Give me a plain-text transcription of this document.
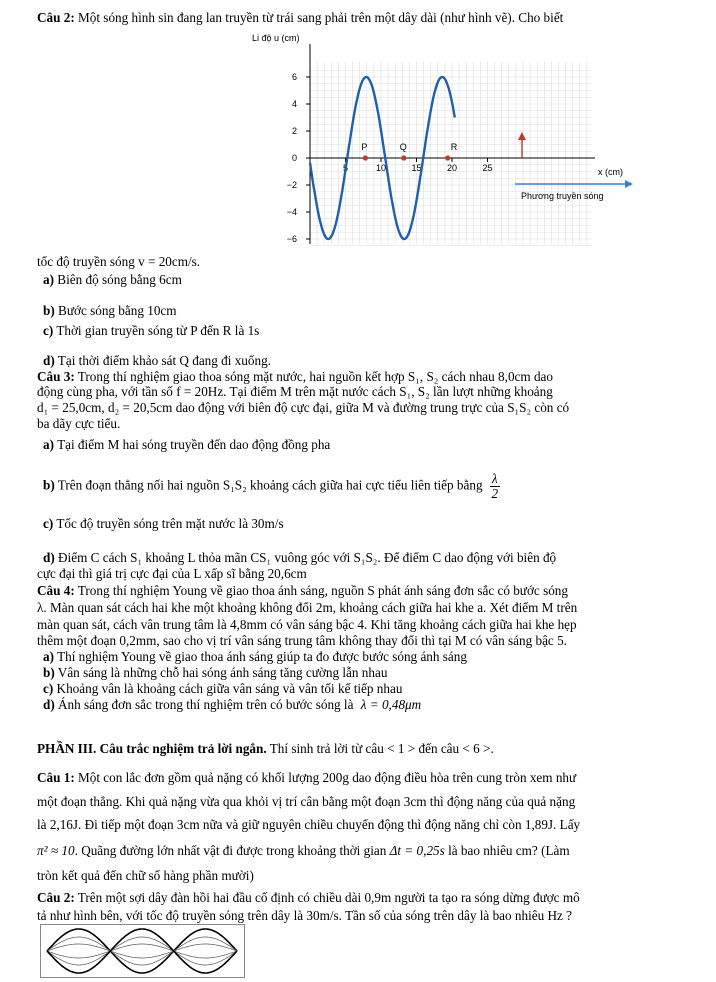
Câu 2: Một sóng hình sin đang lan truyền từ trái sang phải trên một dây dài (như hình vẽ). Cho biết
6
4
2
0
−2
−4
−6
5	10	15	20	25
Li độ u (cm)
x (cm)
P	Q	R
Phương truyền sóng
tốc độ truyền sóng v = 20cm/s.
a) Biên độ sóng bằng 6cm
b) Bước sóng bằng 10cm
c) Thời gian truyền sóng từ P đến R là 1s
d) Tại thời điểm khảo sát Q đang đi xuống.
Câu 3: Trong thí nghiệm giao thoa sóng mặt nước, hai nguồn kết hợp S₁, S₂ cách nhau 8,0cm dao
động cùng pha, với tần số f = 20Hz. Tại điểm M trên mặt nước cách S₁, S₂ lần lượt những khoảng
d₁ = 25,0cm, d₂ = 20,5cm dao động với biên độ cực đại, giữa M và đường trung trực của S₁S₂ còn có
ba dãy cực tiểu.
a) Tại điểm M hai sóng truyền đến dao động đồng pha
b) Trên đoạn thẳng nối hai nguồn S₁S₂ khoảng cách giữa hai cực tiểu liên tiếp bằng $\frac{\lambda}{2}$
c) Tốc độ truyền sóng trên mặt nước là 30m/s
d) Điểm C cách S₁ khoảng L thỏa mãn CS₁ vuông góc với S₁S₂. Để điểm C dao động với biên độ
cực đại thì giá trị cực đại của L xấp sĩ bằng 20,6cm
Câu 4: Trong thí nghiệm Young về giao thoa ánh sáng, nguồn S phát ánh sáng đơn sắc có bước sóng
λ. Màn quan sát cách hai khe một khoảng không đổi 2m, khoảng cách giữa hai khe a. Xét điểm M trên
màn quan sát, cách vân trung tâm là 4,8mm có vân sáng bậc 4. Khi tăng khoảng cách giữa hai khe hẹp
thêm một đoạn 0,2mm, sao cho vị trí vân sáng trung tâm không thay đổi thì tại M có vân sáng bậc 5.
a) Thí nghiệm Young về giao thoa ánh sáng giúp ta đo được bước sóng ánh sáng
b) Vân sáng là những chỗ hai sóng ánh sáng tăng cường lẫn nhau
c) Khoảng vân là khoảng cách giữa vân sáng và vân tối kế tiếp nhau
d) Ánh sáng đơn sắc trong thí nghiệm trên có bước sóng là λ = 0,48μm
PHẦN III. Câu trắc nghiệm trả lời ngắn. Thí sinh trả lời từ câu < 1 > đến câu < 6 >.
Câu 1: Một con lắc đơn gồm quả nặng có khối lượng 200g dao động điều hòa trên cung tròn xem như
một đoạn thẳng. Khi quả nặng vừa qua khỏi vị trí cân bằng một đoạn 3cm thì động năng của quả nặng
là 2,16J. Đi tiếp một đoạn 3cm nữa và giữ nguyên chiều chuyển động thì động năng chỉ còn 1,89J. Lấy
π² ≈ 10. Quãng đường lớn nhất vật đi được trong khoảng thời gian Δt = 0,25s là bao nhiêu cm? (Làm
tròn kết quả đến chữ số hàng phần mười)
Câu 2: Trên một sợi dây đàn hồi hai đầu cố định có chiều dài 0,9m người ta tạo ra sóng dừng được mô
tả như hình bên, với tốc độ truyền sóng trên dây là 30m/s. Tần số của sóng trên dây là bao nhiêu Hz ?
